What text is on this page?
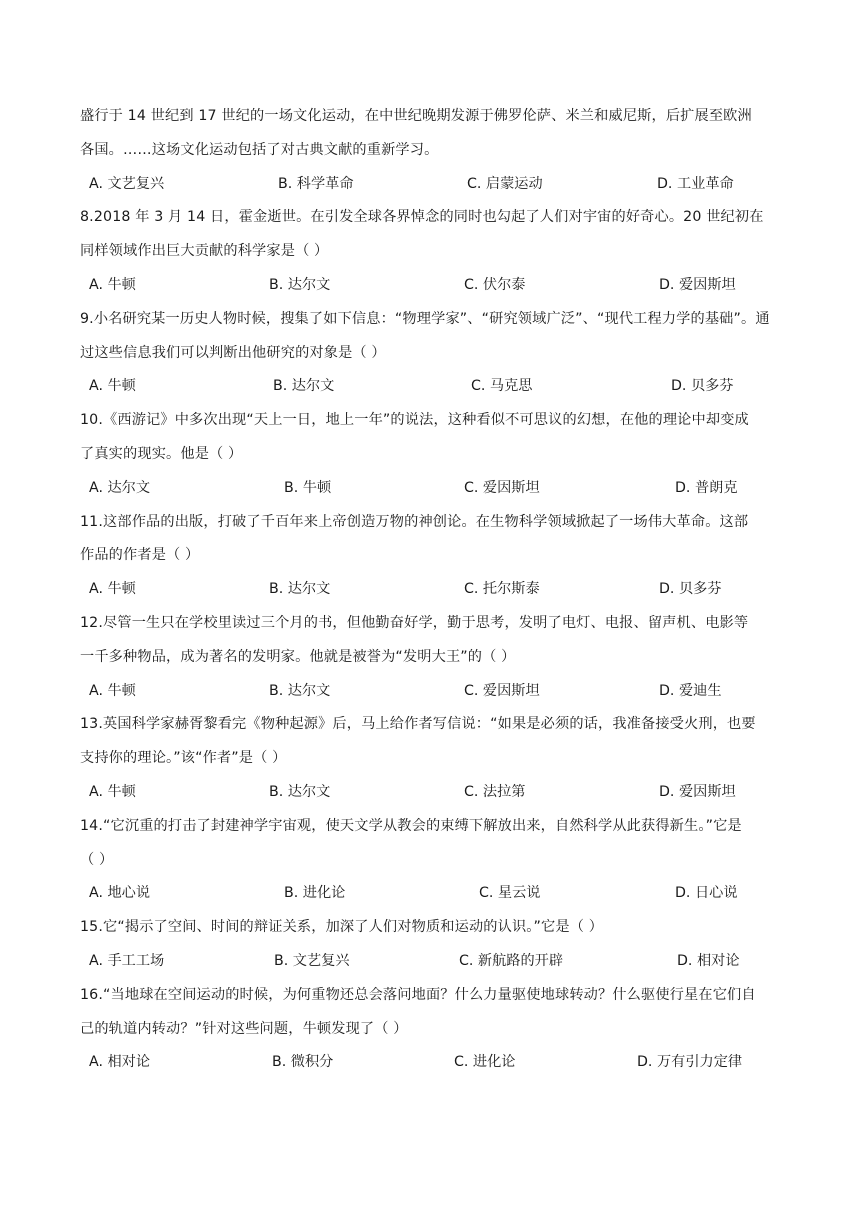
盛行于 14 世纪到 17 世纪的一场文化运动，在中世纪晚期发源于佛罗伦萨、米兰和威尼斯，后扩展至欧洲

各国。……这场文化运动包括了对古典文献的重新学习。

A. 文艺复兴	B. 科学革命	C. 启蒙运动	D. 工业革命

8.2018 年 3 月 14 日，霍金逝世。在引发全球各界悼念的同时也勾起了人们对宇宙的好奇心。20 世纪初在

同样领域作出巨大贡献的科学家是（ ）

A. 牛顿	B. 达尔文	C. 伏尔泰	D. 爱因斯坦

9.小名研究某一历史人物时候，搜集了如下信息：“物理学家”、“研究领域广泛”、“现代工程力学的基础”。通

过这些信息我们可以判断出他研究的对象是（ ）

A. 牛顿	B. 达尔文	C. 马克思	D. 贝多芬

10.《西游记》中多次出现“天上一日，地上一年”的说法，这种看似不可思议的幻想，在他的理论中却变成

了真实的现实。他是（ ）

A. 达尔文	B. 牛顿	C. 爱因斯坦	D. 普朗克

11.这部作品的出版，打破了千百年来上帝创造万物的神创论。在生物科学领域掀起了一场伟大革命。这部

作品的作者是（ ）

A. 牛顿	B. 达尔文	C. 托尔斯泰	D. 贝多芬

12.尽管一生只在学校里读过三个月的书，但他勤奋好学，勤于思考，发明了电灯、电报、留声机、电影等

一千多种物品，成为著名的发明家。他就是被誉为“发明大王”的（ ）

A. 牛顿	B. 达尔文	C. 爱因斯坦	D. 爱迪生

13.英国科学家赫胥黎看完《物种起源》后，马上给作者写信说：“如果是必须的话，我准备接受火刑，也要

支持你的理论。”该“作者”是（ ）

A. 牛顿	B. 达尔文	C. 法拉第	D. 爱因斯坦

14.“它沉重的打击了封建神学宇宙观，使天文学从教会的束缚下解放出来，自然科学从此获得新生。”它是

（ ）

A. 地心说	B. 进化论	C. 星云说	D. 日心说

15.它“揭示了空间、时间的辩证关系，加深了人们对物质和运动的认识。”它是（ ）

A. 手工工场	B. 文艺复兴	C. 新航路的开辟	D. 相对论

16.“当地球在空间运动的时候，为何重物还总会落问地面？什么力量驱使地球转动？什么驱使行星在它们自

己的轨道内转动？”针对这些问题，牛顿发现了（ ）

A. 相对论	B. 微积分	C. 进化论	D. 万有引力定律
